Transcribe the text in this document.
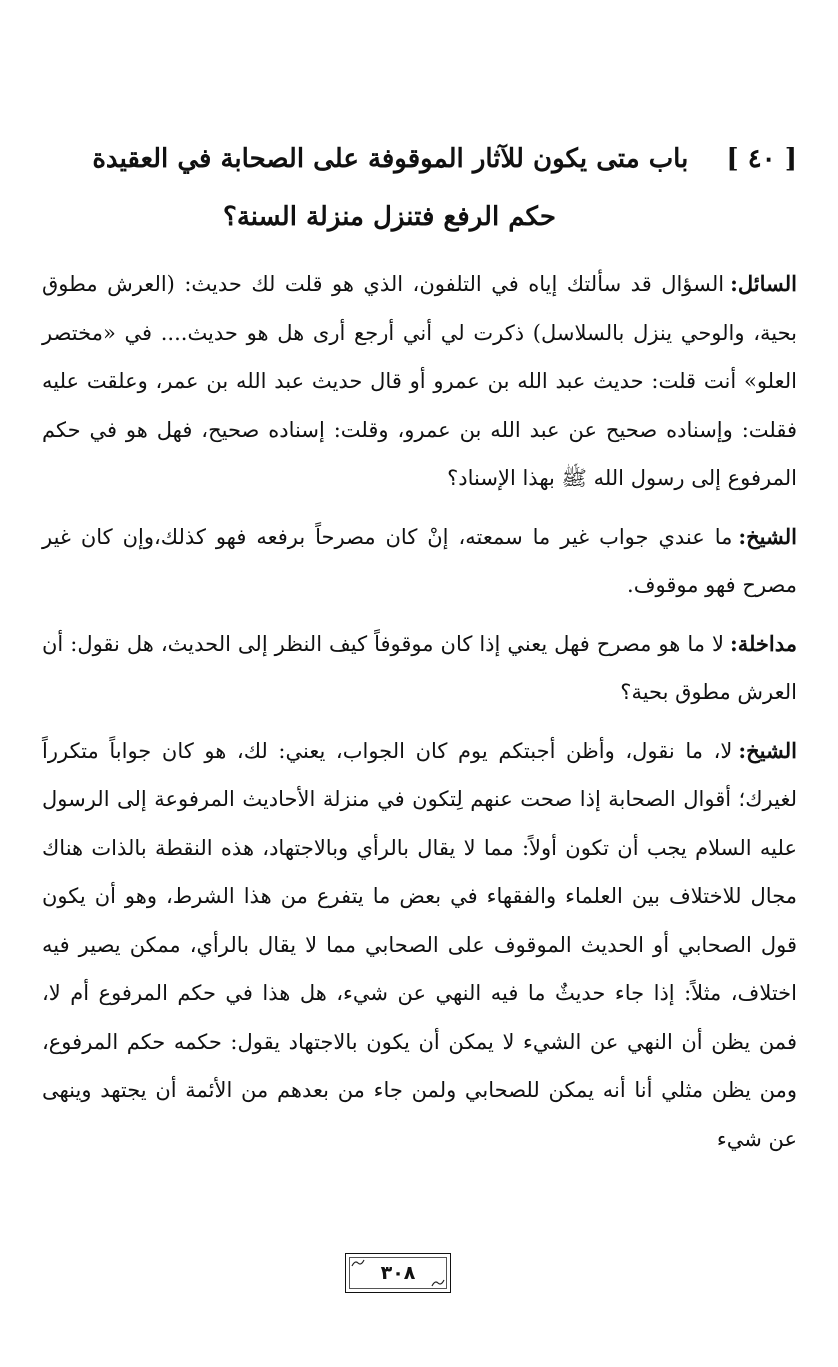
[ ٤٠ ]
باب متى يكون للآثار الموقوفة على الصحابة في العقيدة
حكم الرفع فتنزل منزلة السنة؟

السائل:السؤال قد سألتك إياه في التلفون، الذي هو قلت لك حديث: (العرش مطوق بحية، والوحي ينزل بالسلاسل) ذكرت لي أني أرجع أرى هل هو حديث.... في «مختصر العلو» أنت قلت: حديث عبد الله بن عمرو أو قال حديث عبد الله بن عمر، وعلقت عليه فقلت: وإسناده صحيح عن عبد الله بن عمرو، وقلت: إسناده صحيح، فهل هو في حكم المرفوع إلى رسول الله ﷺ بهذا الإسناد؟

الشيخ:ما عندي جواب غير ما سمعته، إنْ كان مصرحاً برفعه فهو كذلك،وإن كان غير مصرح فهو موقوف.

مداخلة:لا ما هو مصرح فهل يعني إذا كان موقوفاً كيف النظر إلى الحديث، هل نقول: أن العرش مطوق بحية؟

الشيخ:لا، ما نقول، وأظن أجبتكم يوم كان الجواب، يعني: لك، هو كان جواباً متكرراً لغيرك؛ أقوال الصحابة إذا صحت عنهم لِتكون في منزلة الأحاديث المرفوعة إلى الرسول عليه السلام يجب أن تكون أولاً: مما لا يقال بالرأي وبالاجتهاد، هذه النقطة بالذات هناك مجال للاختلاف بين العلماء والفقهاء في بعض ما يتفرع من هذا الشرط، وهو أن يكون قول الصحابي أو الحديث الموقوف على الصحابي مما لا يقال بالرأي، ممكن يصير فيه اختلاف، مثلاً: إذا جاء حديثٌ ما فيه النهي عن شيء، هل هذا في حكم المرفوع أم لا، فمن يظن أن النهي عن الشيء لا يمكن أن يكون بالاجتهاد يقول: حكمه حكم المرفوع، ومن يظن مثلي أنا أنه يمكن للصحابي ولمن جاء من بعدهم من الأئمة أن يجتهد وينهى عن شيء

٣٠٨
